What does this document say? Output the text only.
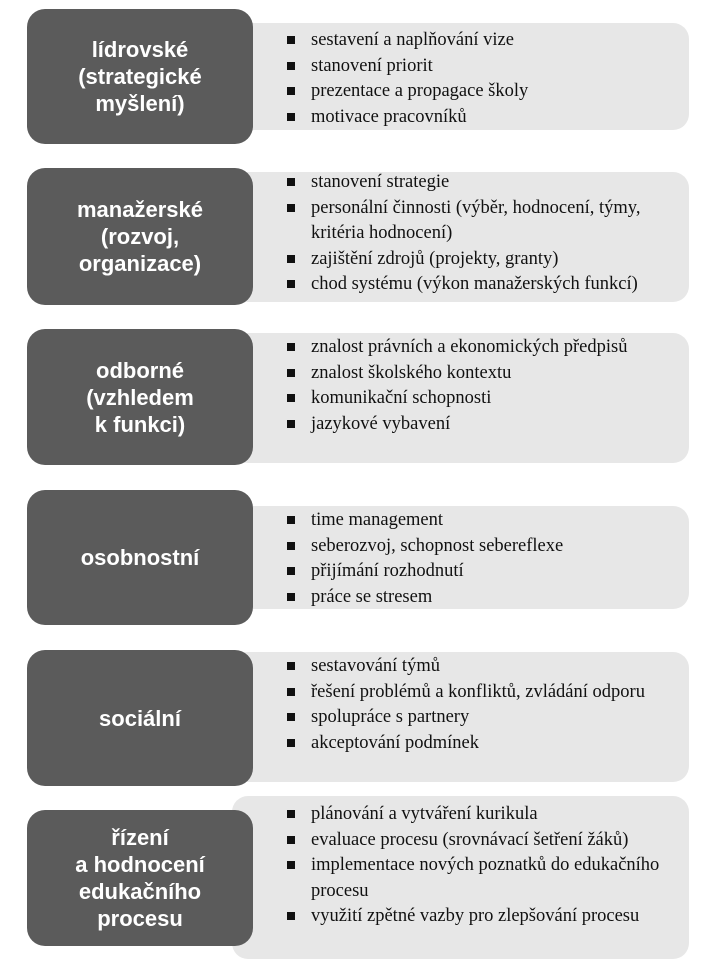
lídrovské
(strategické
myšlení)
sestavení a naplňování vize
stanovení priorit
prezentace a propagace školy
motivace pracovníků
manažerské
(rozvoj,
organizace)
stanovení strategie
personální činnosti (výběr, hodnocení, týmy, kritéria hodnocení)
zajištění zdrojů (projekty, granty)
chod systému (výkon manažerských funkcí)
odborné
(vzhledem
k funkci)
znalost právních a ekonomických předpisů
znalost školského kontextu
komunikační schopnosti
jazykové vybavení
osobnostní
time management
seberozvoj, schopnost sebereflexe
přijímání rozhodnutí
práce se stresem
sociální
sestavování týmů
řešení problémů a konfliktů, zvládání odporu
spolupráce s partnery
akceptování podmínek
řízení
a hodnocení
edukačního
procesu
plánování a vytváření kurikula
evaluace procesu (srovnávací šetření žáků)
implementace nových poznatků do edukačního procesu
využití zpětné vazby pro zlepšování procesu
